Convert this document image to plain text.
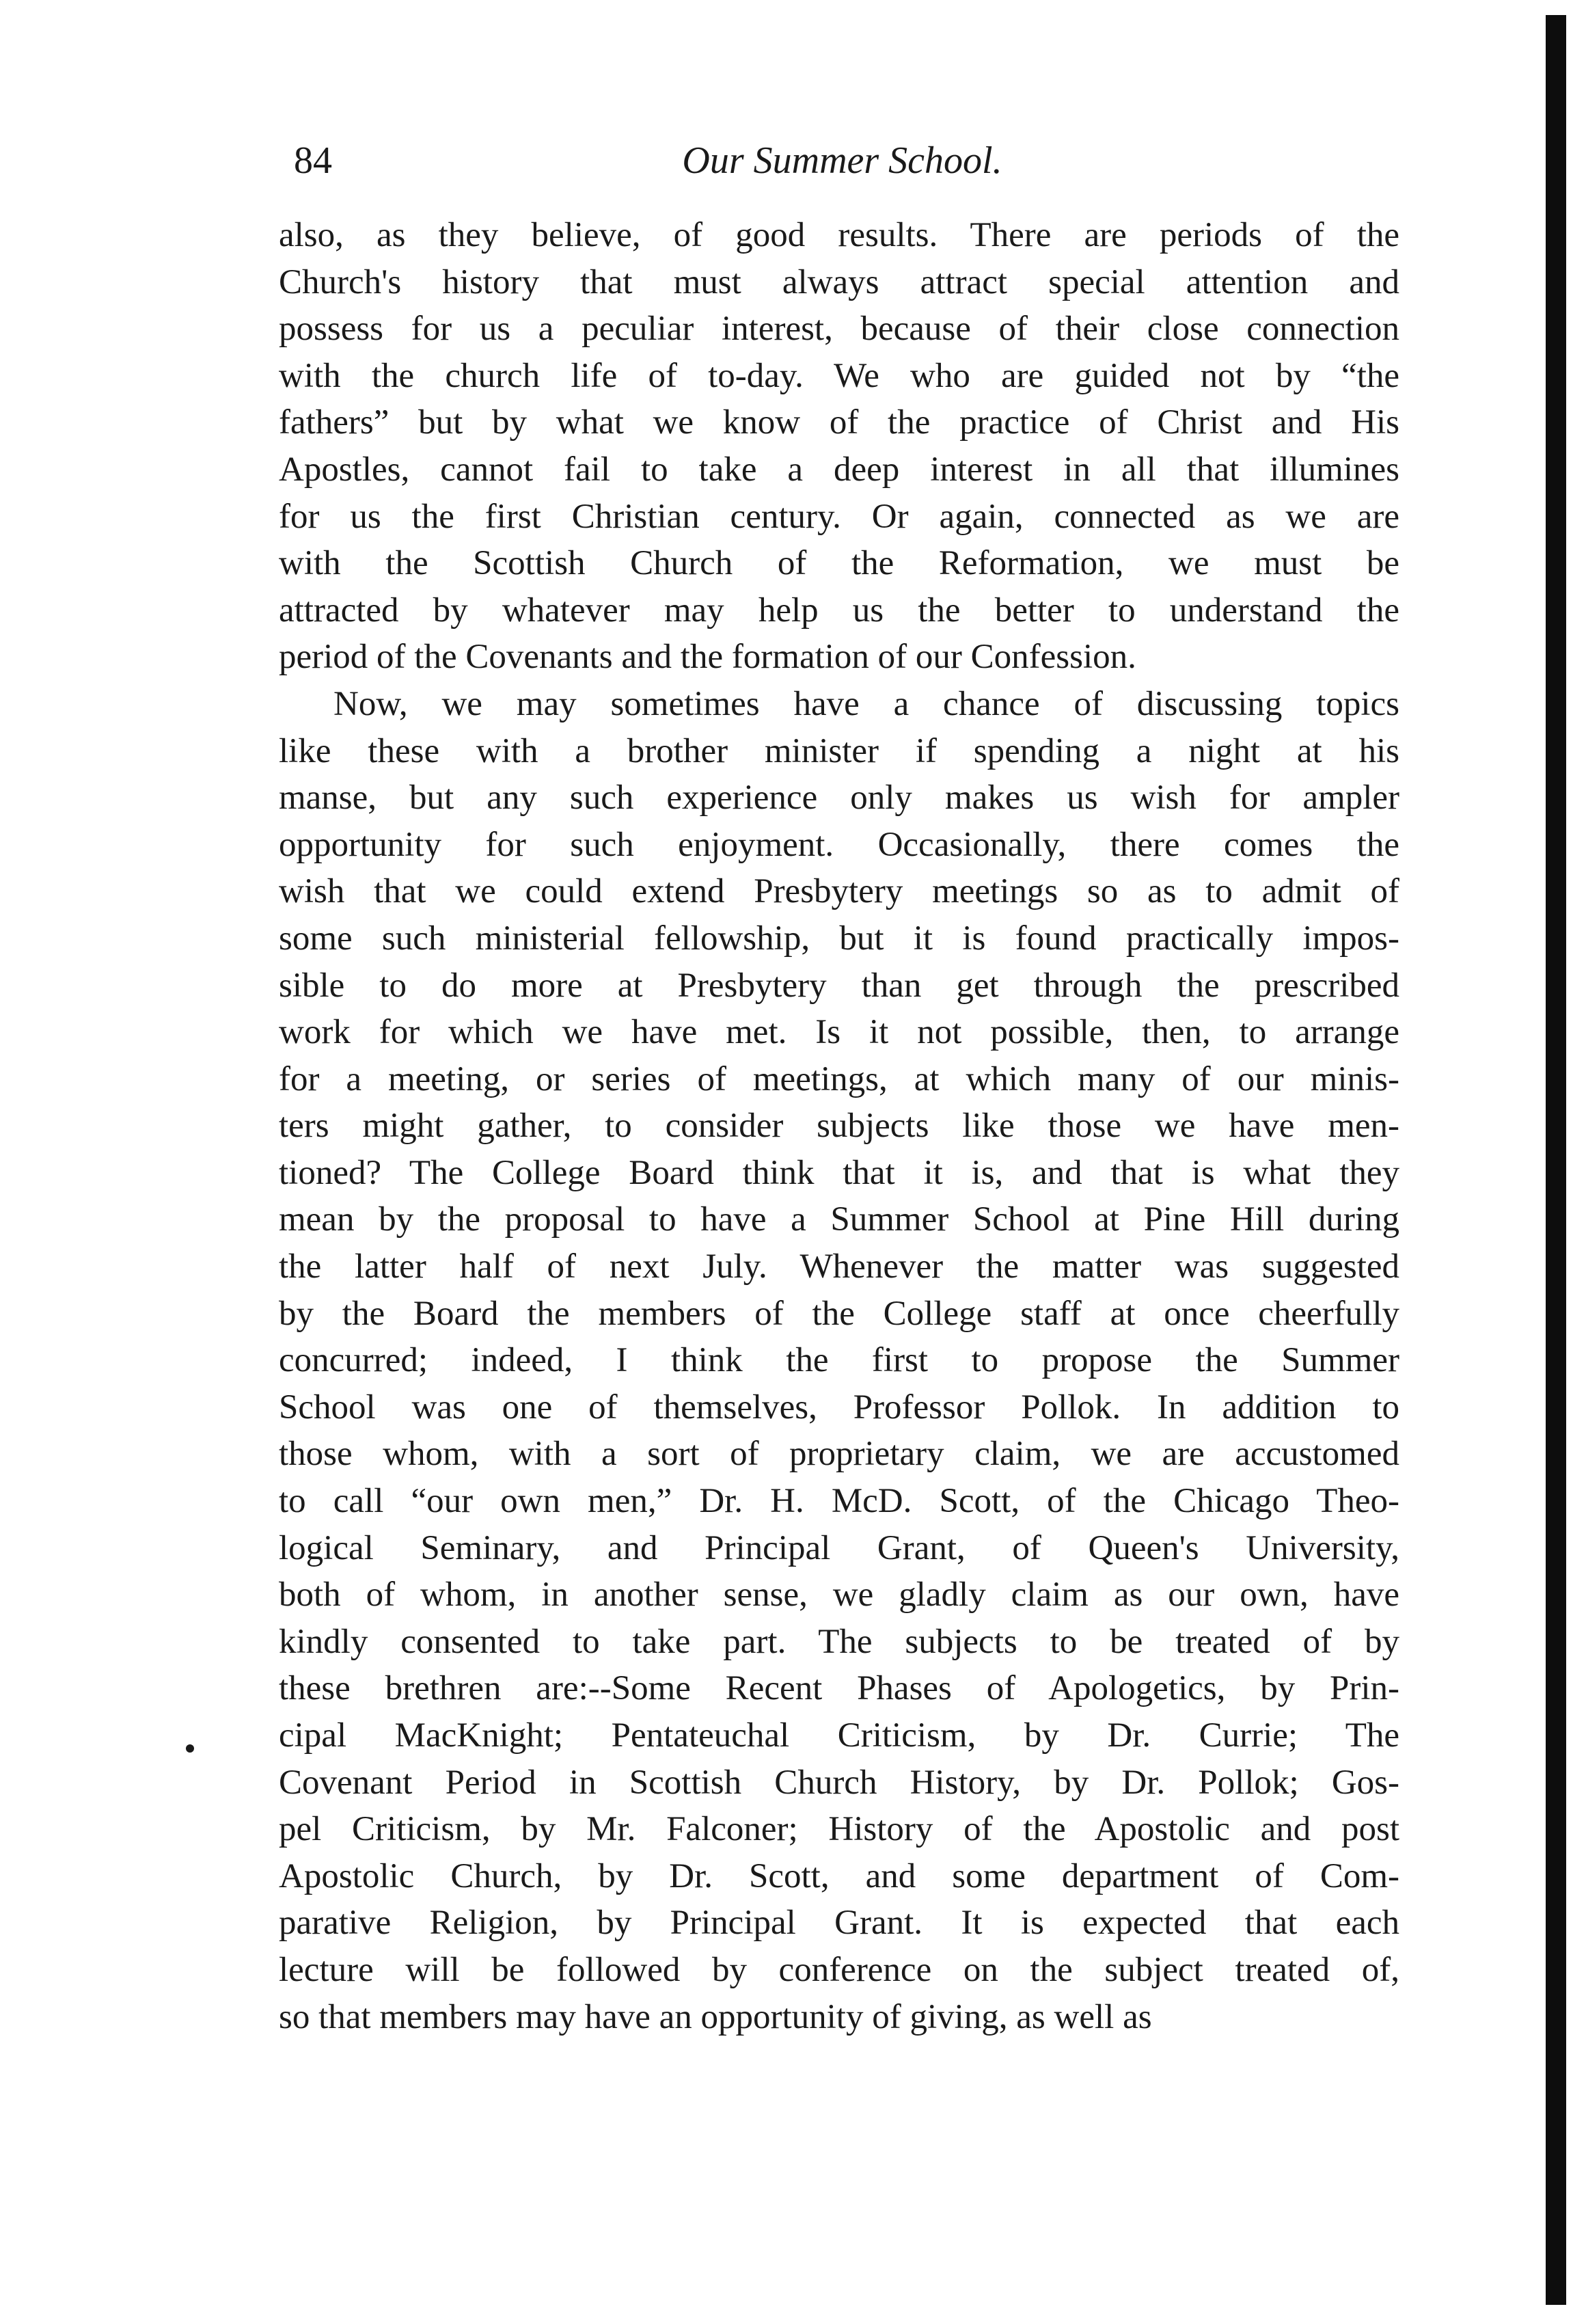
84	Our Summer School.
also, as they believe, of good results. There are periods of the
Church's history that must always attract special attention and
possess for us a peculiar interest, because of their close connection
with the church life of to-day. We who are guided not by “the
fathers” but by what we know of the practice of Christ and His
Apostles, cannot fail to take a deep interest in all that illumines
for us the first Christian century. Or again, connected as we are
with the Scottish Church of the Reformation, we must be
attracted by whatever may help us the better to understand the
period of the Covenants and the formation of our Confession.
Now, we may sometimes have a chance of discussing topics
like these with a brother minister if spending a night at his
manse, but any such experience only makes us wish for ampler
opportunity for such enjoyment. Occasionally, there comes the
wish that we could extend Presbytery meetings so as to admit of
some such ministerial fellowship, but it is found practically impos-
sible to do more at Presbytery than get through the prescribed
work for which we have met. Is it not possible, then, to arrange
for a meeting, or series of meetings, at which many of our minis-
ters might gather, to consider subjects like those we have men-
tioned? The College Board think that it is, and that is what they
mean by the proposal to have a Summer School at Pine Hill during
the latter half of next July. Whenever the matter was suggested
by the Board the members of the College staff at once cheerfully
concurred; indeed, I think the first to propose the Summer
School was one of themselves, Professor Pollok. In addition to
those whom, with a sort of proprietary claim, we are accustomed
to call “our own men,” Dr. H. McD. Scott, of the Chicago Theo-
logical Seminary, and Principal Grant, of Queen's University,
both of whom, in another sense, we gladly claim as our own, have
kindly consented to take part. The subjects to be treated of by
these brethren are:--Some Recent Phases of Apologetics, by Prin-
cipal MacKnight; Pentateuchal Criticism, by Dr. Currie; The
Covenant Period in Scottish Church History, by Dr. Pollok; Gos-
pel Criticism, by Mr. Falconer; History of the Apostolic and post
Apostolic Church, by Dr. Scott, and some department of Com-
parative Religion, by Principal Grant. It is expected that each
lecture will be followed by conference on the subject treated of,
so that members may have an opportunity of giving, as well as
